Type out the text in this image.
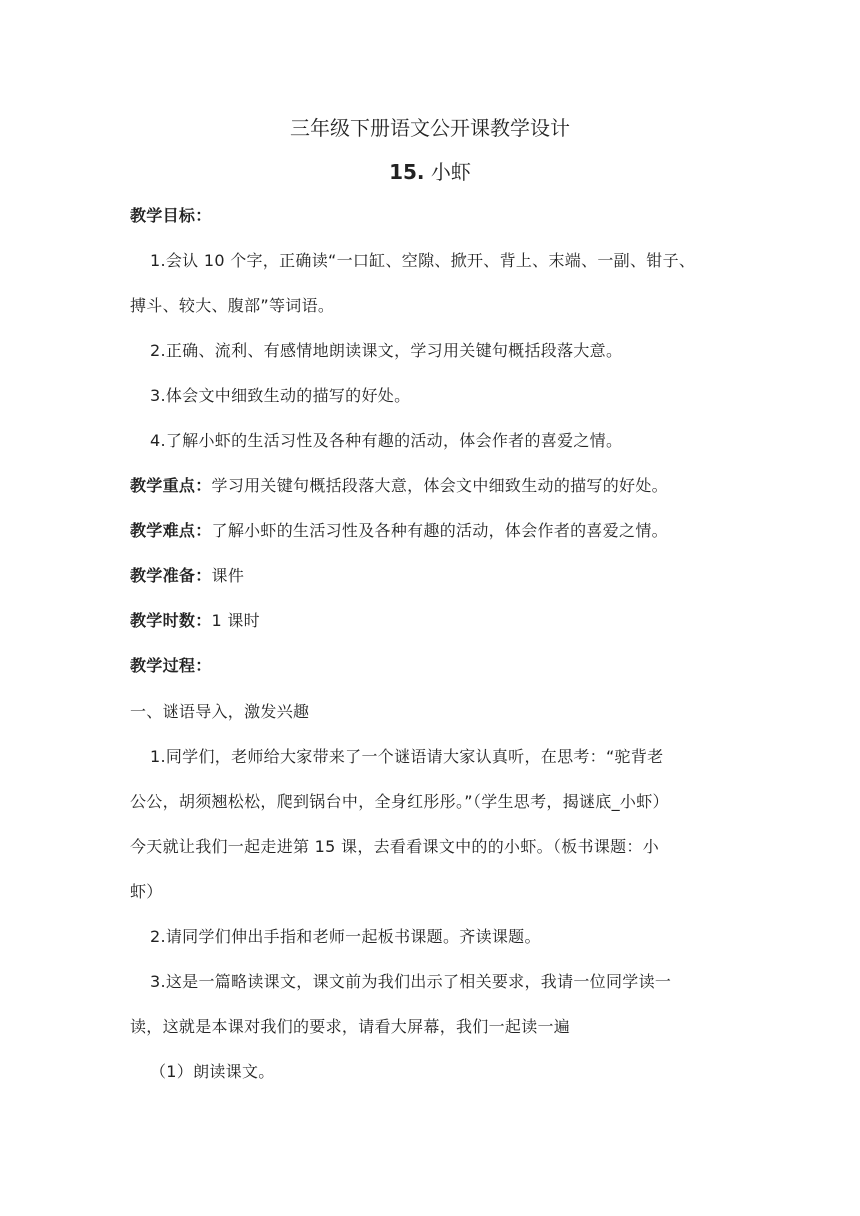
三年级下册语文公开课教学设计
15. 小虾
教学目标：
1.会认 10 个字，正确读“一口缸、空隙、掀开、背上、末端、一副、钳子、
搏斗、较大、腹部”等词语。
2.正确、流利、有感情地朗读课文，学习用关键句概括段落大意。
3.体会文中细致生动的描写的好处。
4.了解小虾的生活习性及各种有趣的活动，体会作者的喜爱之情。
教学重点：学习用关键句概括段落大意，体会文中细致生动的描写的好处。
教学难点：了解小虾的生活习性及各种有趣的活动，体会作者的喜爱之情。
教学准备：课件
教学时数：1 课时
教学过程：
一、谜语导入，激发兴趣
1.同学们，老师给大家带来了一个谜语请大家认真听，在思考：“驼背老
公公，胡须翘松松，爬到锅台中，全身红彤彤。”（学生思考，揭谜底_小虾）
今天就让我们一起走进第 15 课，去看看课文中的的小虾。（板书课题：小
虾）
2.请同学们伸出手指和老师一起板书课题。齐读课题。
3.这是一篇略读课文，课文前为我们出示了相关要求，我请一位同学读一
读，这就是本课对我们的要求，请看大屏幕，我们一起读一遍
（1）朗读课文。
